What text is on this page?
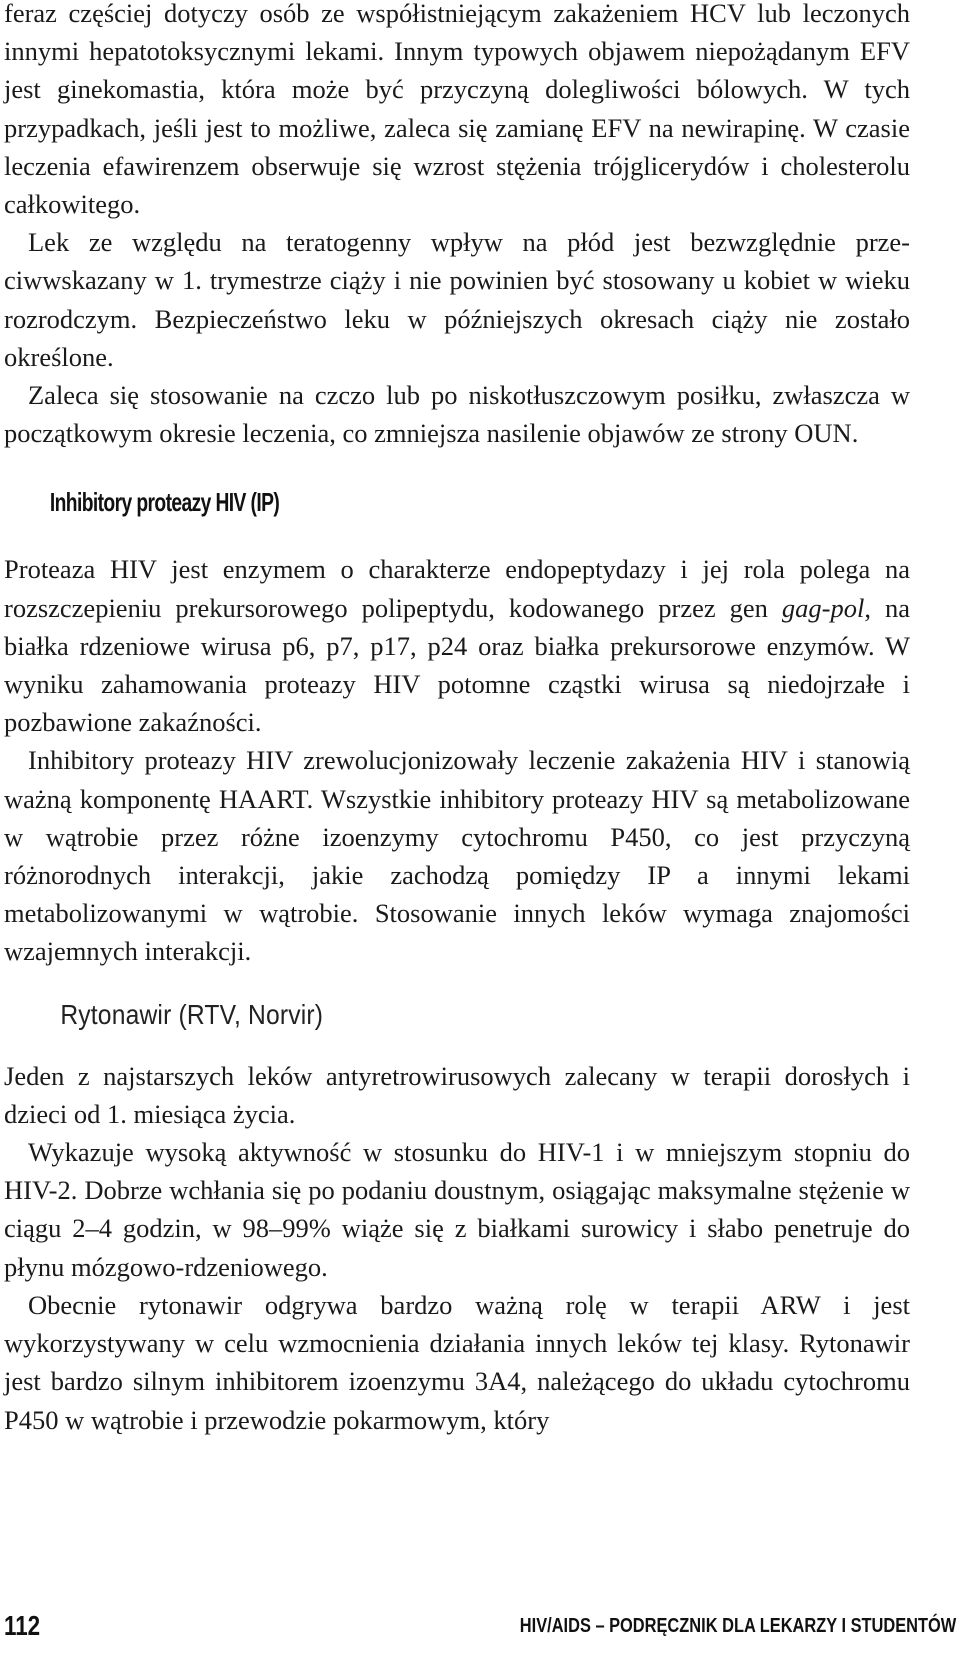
feraz częściej dotyczy osób ze współistniejącym zakażeniem HCV lub leczonych innymi hepatotoksycznymi lekami. Innym typowych objawem niepożądanym EFV jest ginekomastia, która może być przyczyną dolegliwości bólowych. W tych przypadkach, jeśli jest to możliwe, zaleca się zamianę EFV na newirapinę. W czasie leczenia efawirenzem obserwuje się wzrost stężenia trójglicerydów i cholesterolu całkowitego.

Lek ze względu na teratogenny wpływ na płód jest bezwzględnie przeciwwskazany w 1. trymestrze ciąży i nie powinien być stosowany u kobiet w wieku rozrodczym. Bezpieczeństwo leku w późniejszych okresach ciąży nie zostało określone.

Zaleca się stosowanie na czczo lub po niskotłuszczowym posiłku, zwłaszcza w początkowym okresie leczenia, co zmniejsza nasilenie objawów ze strony OUN.

Inhibitory proteazy HIV (IP)

Proteaza HIV jest enzymem o charakterze endopeptydazy i jej rola polega na rozszczepieniu prekursorowego polipeptydu, kodowanego przez gen gag-pol, na białka rdzeniowe wirusa p6, p7, p17, p24 oraz białka prekursorowe enzymów. W wyniku zahamowania proteazy HIV potomne cząstki wirusa są niedojrzałe i pozbawione zakaźności.

Inhibitory proteazy HIV zrewolucjonizowały leczenie zakażenia HIV i stanowią ważną komponentę HAART. Wszystkie inhibitory proteazy HIV są metabolizowane w wątrobie przez różne izoenzymy cytochromu P450, co jest przyczyną różnorodnych interakcji, jakie zachodzą pomiędzy IP a innymi lekami metabolizowanymi w wątrobie. Stosowanie innych leków wymaga znajomości wzajemnych interakcji.

Rytonawir (RTV, Norvir)

Jeden z najstarszych leków antyretrowirusowych zalecany w terapii dorosłych i dzieci od 1. miesiąca życia.

Wykazuje wysoką aktywność w stosunku do HIV-1 i w mniejszym stopniu do HIV-2. Dobrze wchłania się po podaniu doustnym, osiągając maksymalne stężenie w ciągu 2–4 godzin, w 98–99% wiąże się z białkami surowicy i słabo penetruje do płynu mózgowo-rdzeniowego.

Obecnie rytonawir odgrywa bardzo ważną rolę w terapii ARW i jest wykorzystywany w celu wzmocnienia działania innych leków tej klasy. Rytonawir jest bardzo silnym inhibitorem izoenzymu 3A4, należącego do układu cytochromu P450 w wątrobie i przewodzie pokarmowym, który

112	HIV/AIDS – PODRĘCZNIK DLA LEKARZY I STUDENTÓW
